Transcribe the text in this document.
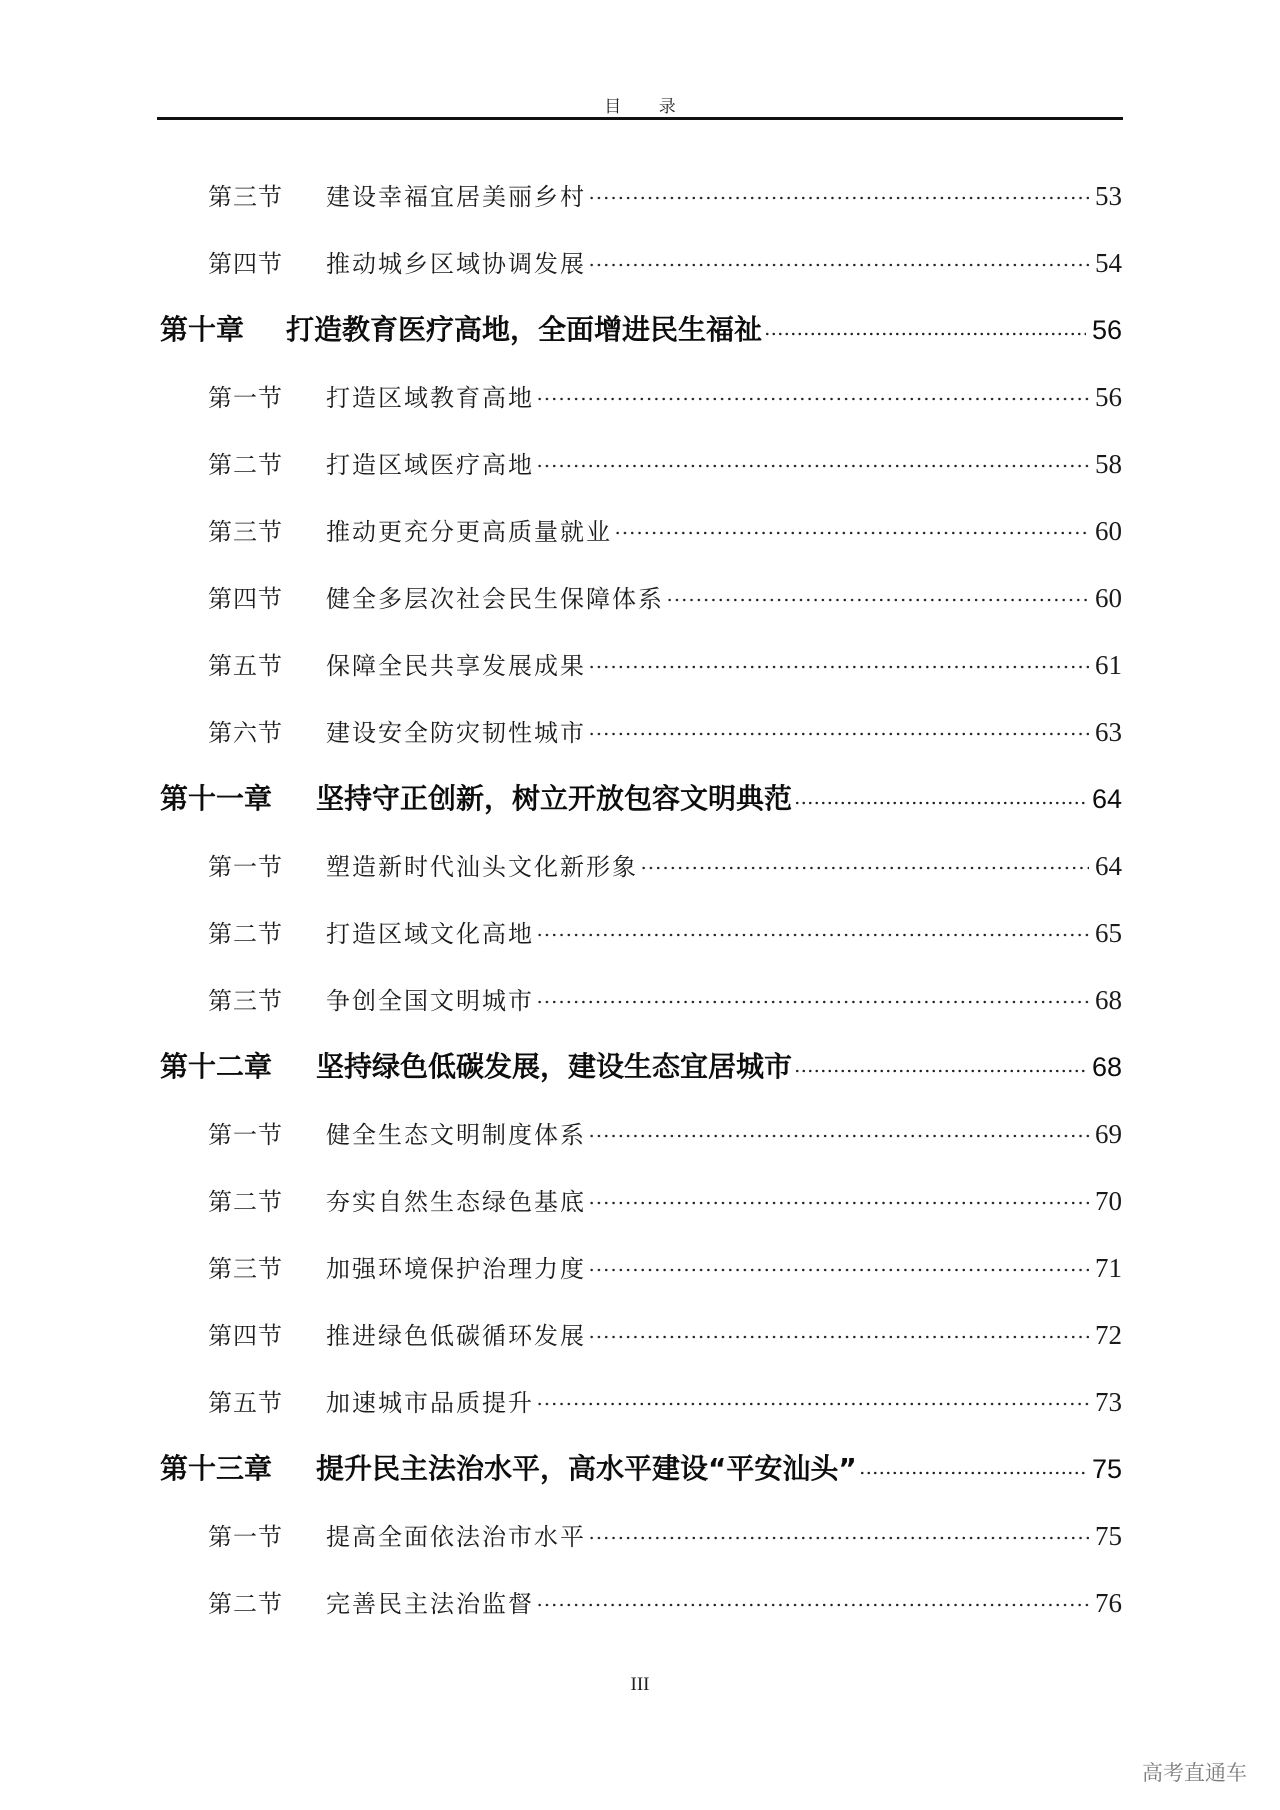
目 录
第三节	建设幸福宜居美丽乡村	53
第四节	推动城乡区域协调发展	54
第十章	打造教育医疗高地，全面增进民生福祉	56
第一节	打造区域教育高地	56
第二节	打造区域医疗高地	58
第三节	推动更充分更高质量就业	60
第四节	健全多层次社会民生保障体系	60
第五节	保障全民共享发展成果	61
第六节	建设安全防灾韧性城市	63
第十一章	坚持守正创新，树立开放包容文明典范	64
第一节	塑造新时代汕头文化新形象	64
第二节	打造区域文化高地	65
第三节	争创全国文明城市	68
第十二章	坚持绿色低碳发展，建设生态宜居城市	68
第一节	健全生态文明制度体系	69
第二节	夯实自然生态绿色基底	70
第三节	加强环境保护治理力度	71
第四节	推进绿色低碳循环发展	72
第五节	加速城市品质提升	73
第十三章	提升民主法治水平，高水平建设“平安汕头”	75
第一节	提高全面依法治市水平	75
第二节	完善民主法治监督	76
III
高考直通车
